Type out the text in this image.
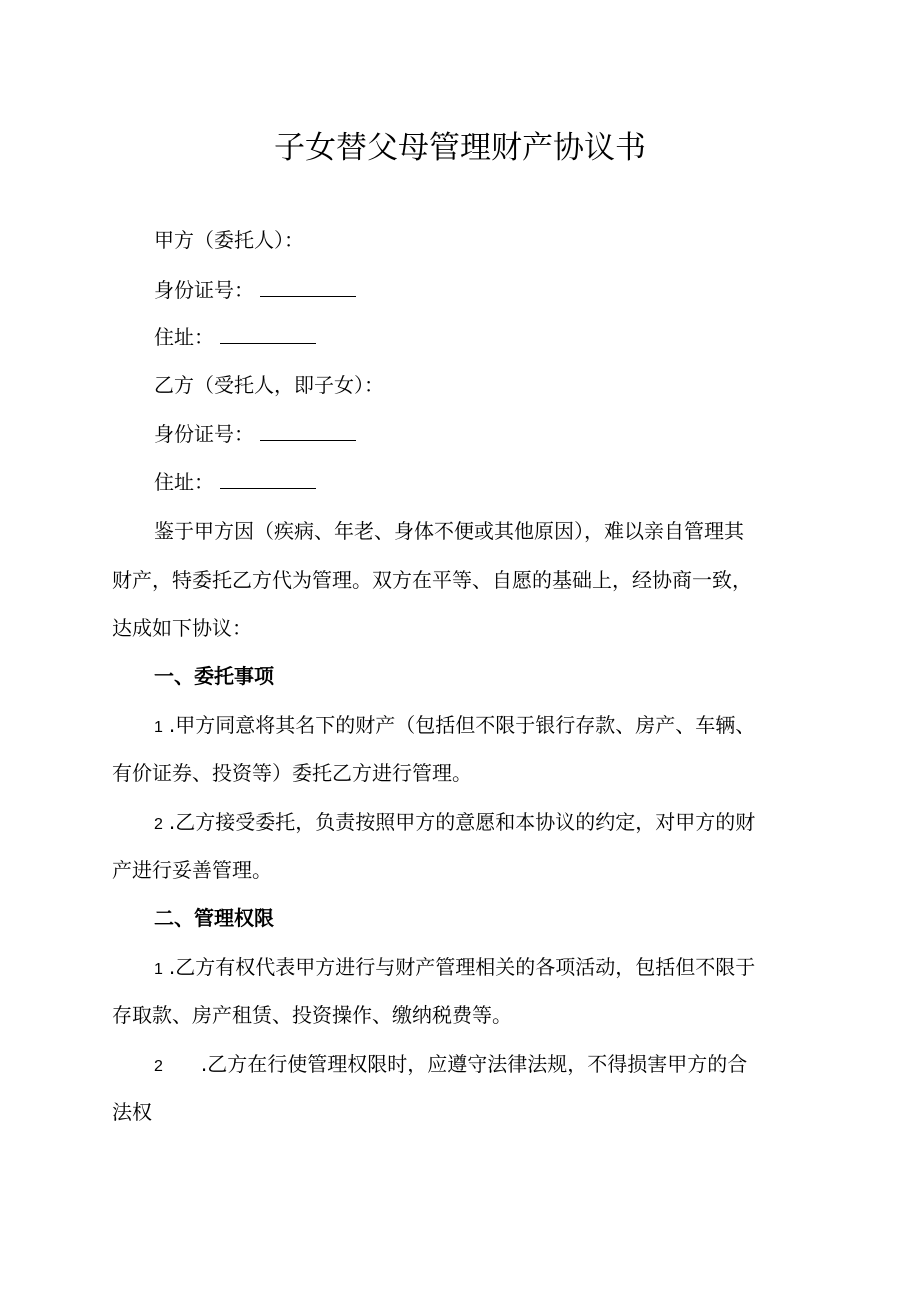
子女替父母管理财产协议书
甲方（委托人）：
身份证号：
住址：
乙方（受托人，即子女）：
身份证号：
住址：
鉴于甲方因（疾病、年老、身体不便或其他原因），难以亲自管理其
财产，特委托乙方代为管理。双方在平等、自愿的基础上，经协商一致，
达成如下协议：
一、委托事项
1 .甲方同意将其名下的财产（包括但不限于银行存款、房产、车辆、
有价证券、投资等）委托乙方进行管理。
2 .乙方接受委托，负责按照甲方的意愿和本协议的约定，对甲方的财
产进行妥善管理。
二、管理权限
1 .乙方有权代表甲方进行与财产管理相关的各项活动，包括但不限于
存取款、房产租赁、投资操作、缴纳税费等。
2 .乙方在行使管理权限时，应遵守法律法规，不得损害甲方的合
法权
